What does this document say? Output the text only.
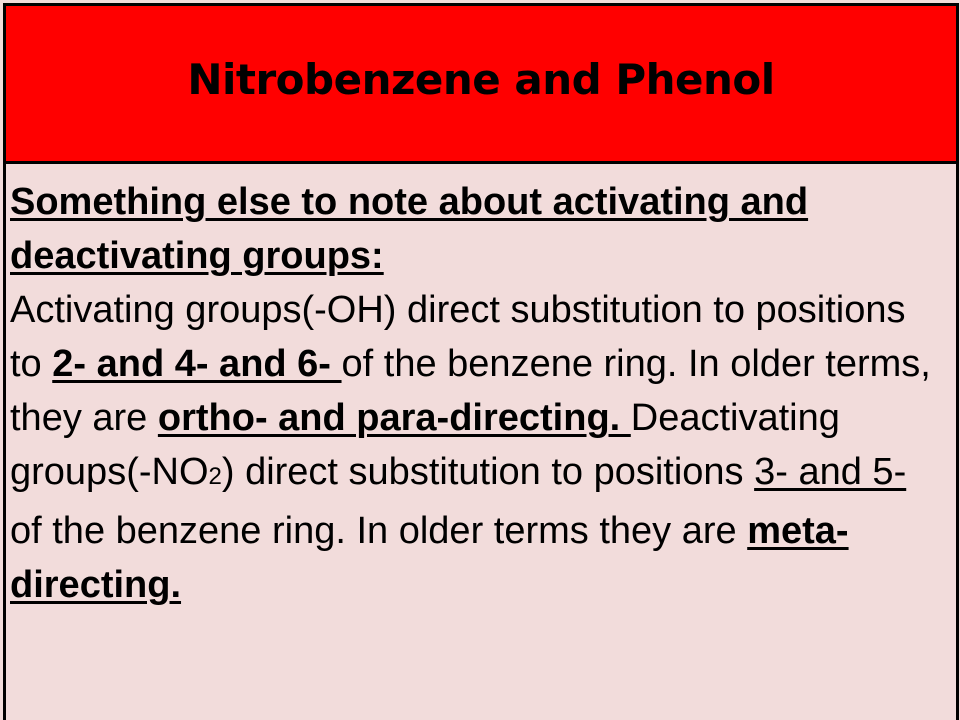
Nitrobenzene and Phenol

Something else to note about activating and deactivating groups:
Activating groups(-OH) direct substitution to positions to 2- and 4- and 6- of the benzene ring. In older terms, they are ortho- and para-directing. Deactivating groups(-NO2) direct substitution to positions 3- and 5- of the benzene ring. In older terms they are meta-directing.
